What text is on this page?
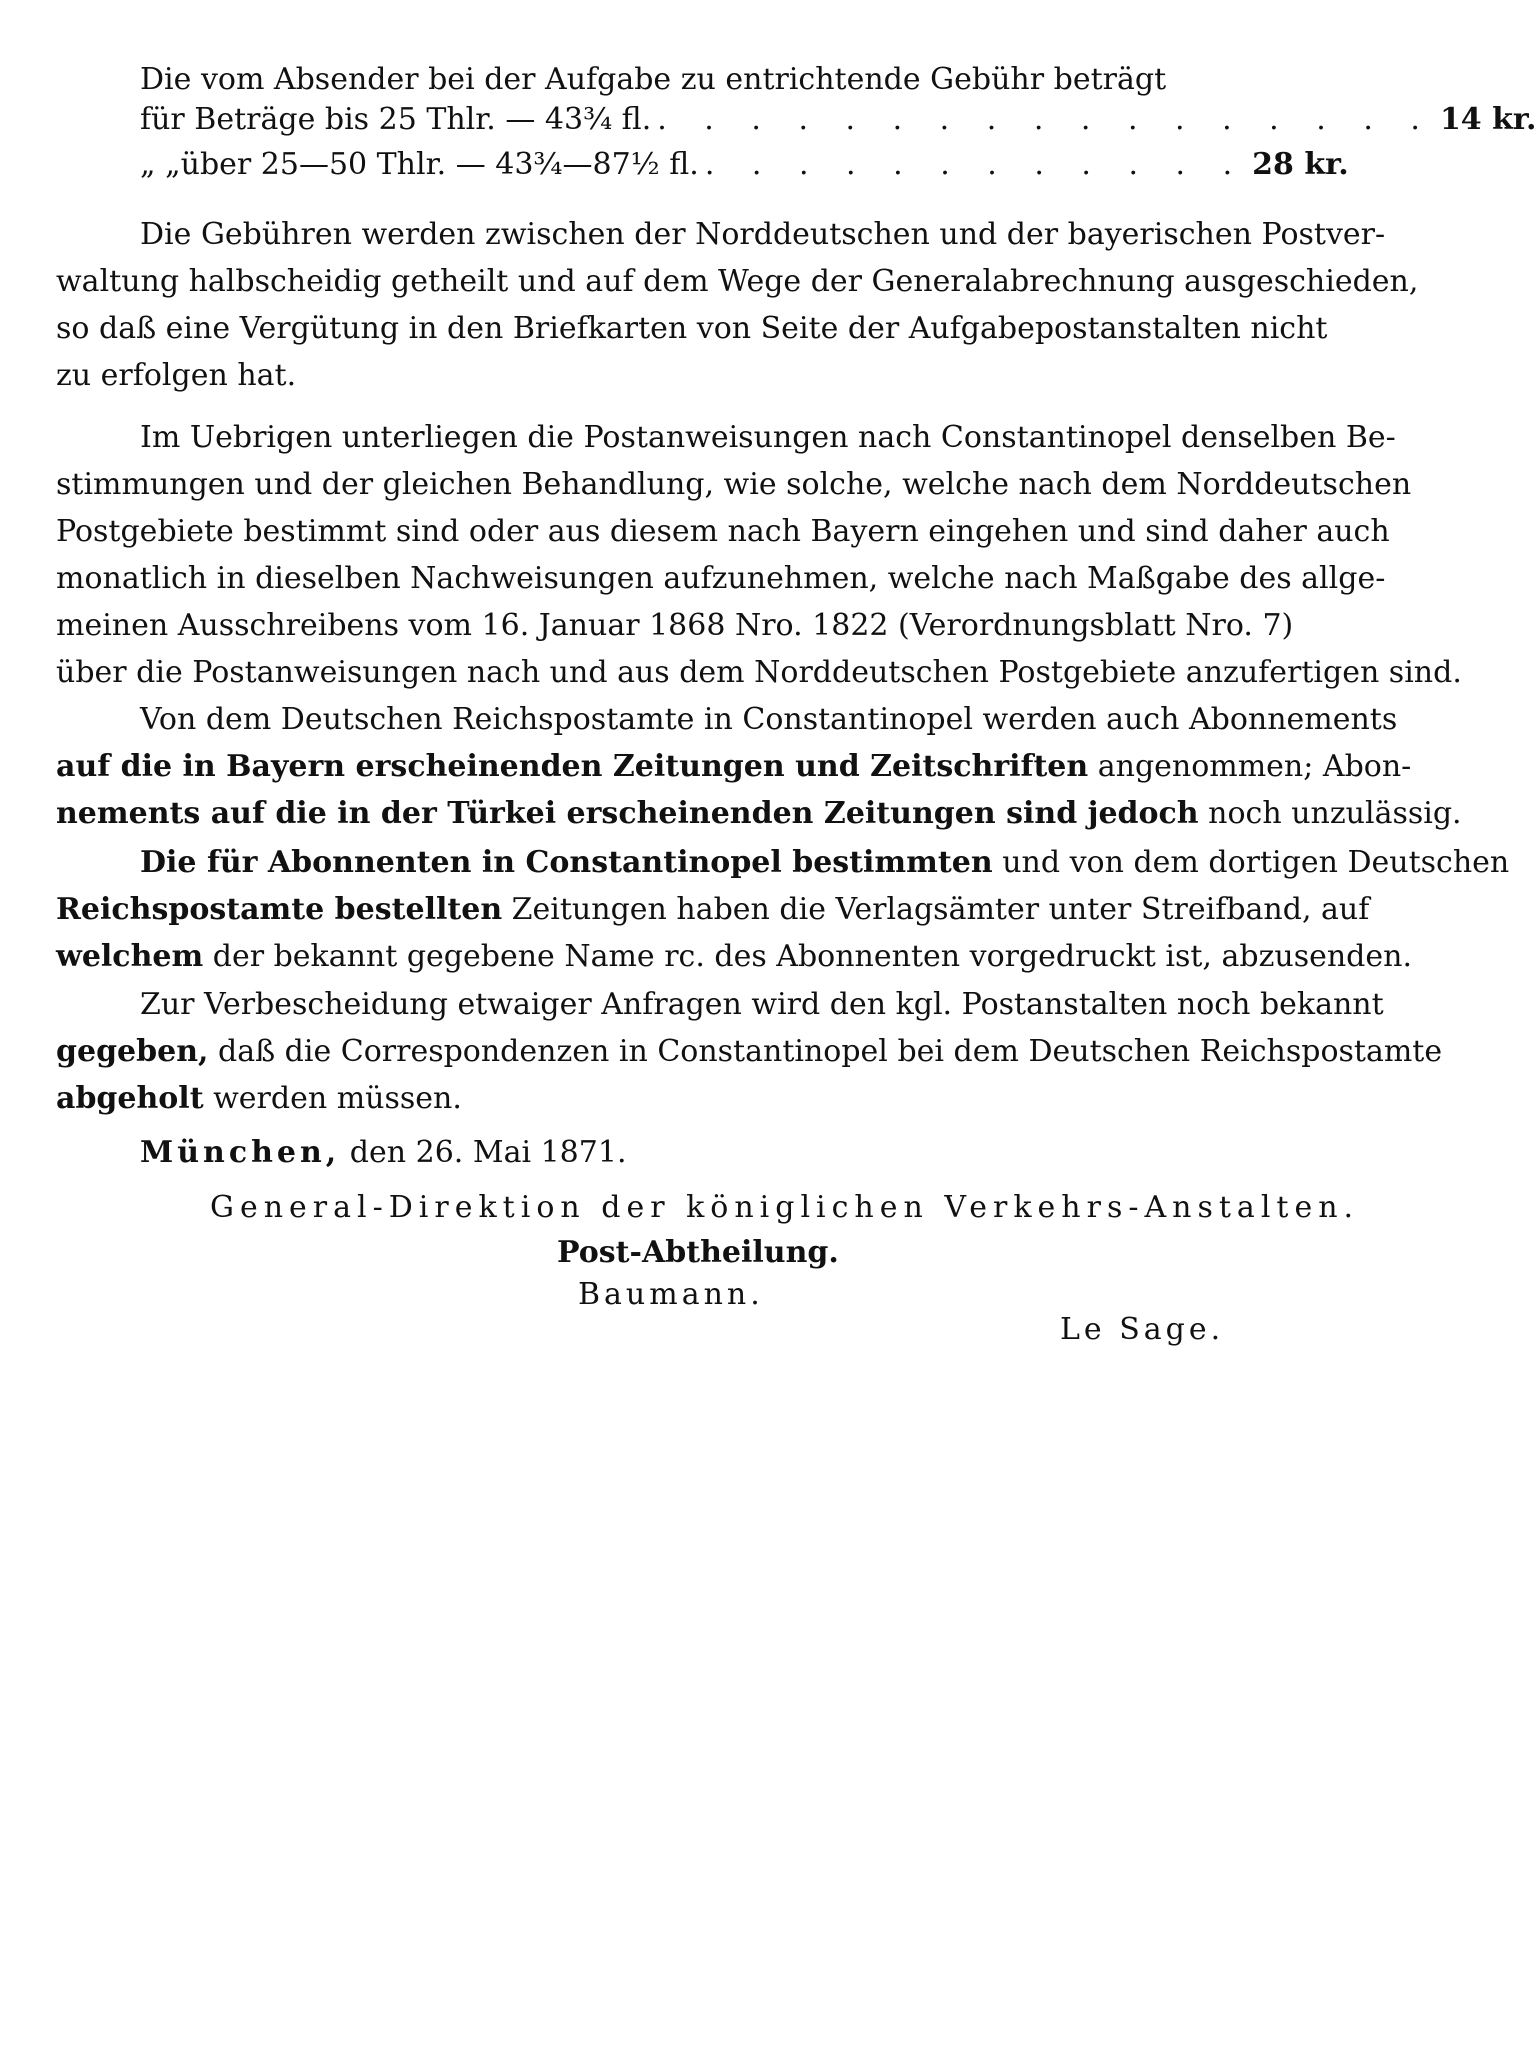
Die vom Absender bei der Aufgabe zu entrichtende Gebühr beträgt
für Beträge bis 25 Thlr. — 43¾ fl. . . . . . . . . . . . . . . . . . 14 kr.
„ „ über 25—50 Thlr. — 43¾—87½ fl. . . . . . . . . . . . . 28 kr.
Die Gebühren werden zwischen der Norddeutschen und der bayerischen Postver-
waltung halbscheidig getheilt und auf dem Wege der Generalabrechnung ausgeschieden,
so daß eine Vergütung in den Briefkarten von Seite der Aufgabepostanstalten nicht
zu erfolgen hat.
Im Uebrigen unterliegen die Postanweisungen nach Constantinopel denselben Be-
stimmungen und der gleichen Behandlung, wie solche, welche nach dem Norddeutschen
Postgebiete bestimmt sind oder aus diesem nach Bayern eingehen und sind daher auch
monatlich in dieselben Nachweisungen aufzunehmen, welche nach Maßgabe des allge-
meinen Ausschreibens vom 16. Januar 1868 Nro. 1822 (Verordnungsblatt Nro. 7)
über die Postanweisungen nach und aus dem Norddeutschen Postgebiete anzufertigen sind.
Von dem Deutschen Reichspostamte in Constantinopel werden auch Abonnements
auf die in Bayern erscheinenden Zeitungen und Zeitschriften angenommen; Abon-
nements auf die in der Türkei erscheinenden Zeitungen sind jedoch noch unzulässig.
Die für Abonnenten in Constantinopel bestimmten und von dem dortigen Deutschen
Reichspostamte bestellten Zeitungen haben die Verlagsämter unter Streifband, auf
welchem der bekannt gegebene Name rc. des Abonnenten vorgedruckt ist, abzusenden.
Zur Verbescheidung etwaiger Anfragen wird den kgl. Postanstalten noch bekannt
gegeben, daß die Correspondenzen in Constantinopel bei dem Deutschen Reichspostamte
abgeholt werden müssen.
München, den 26. Mai 1871.
General-Direktion der königlichen Verkehrs-Anstalten.
Post-Abtheilung.
Baumann.
Le Sage.
